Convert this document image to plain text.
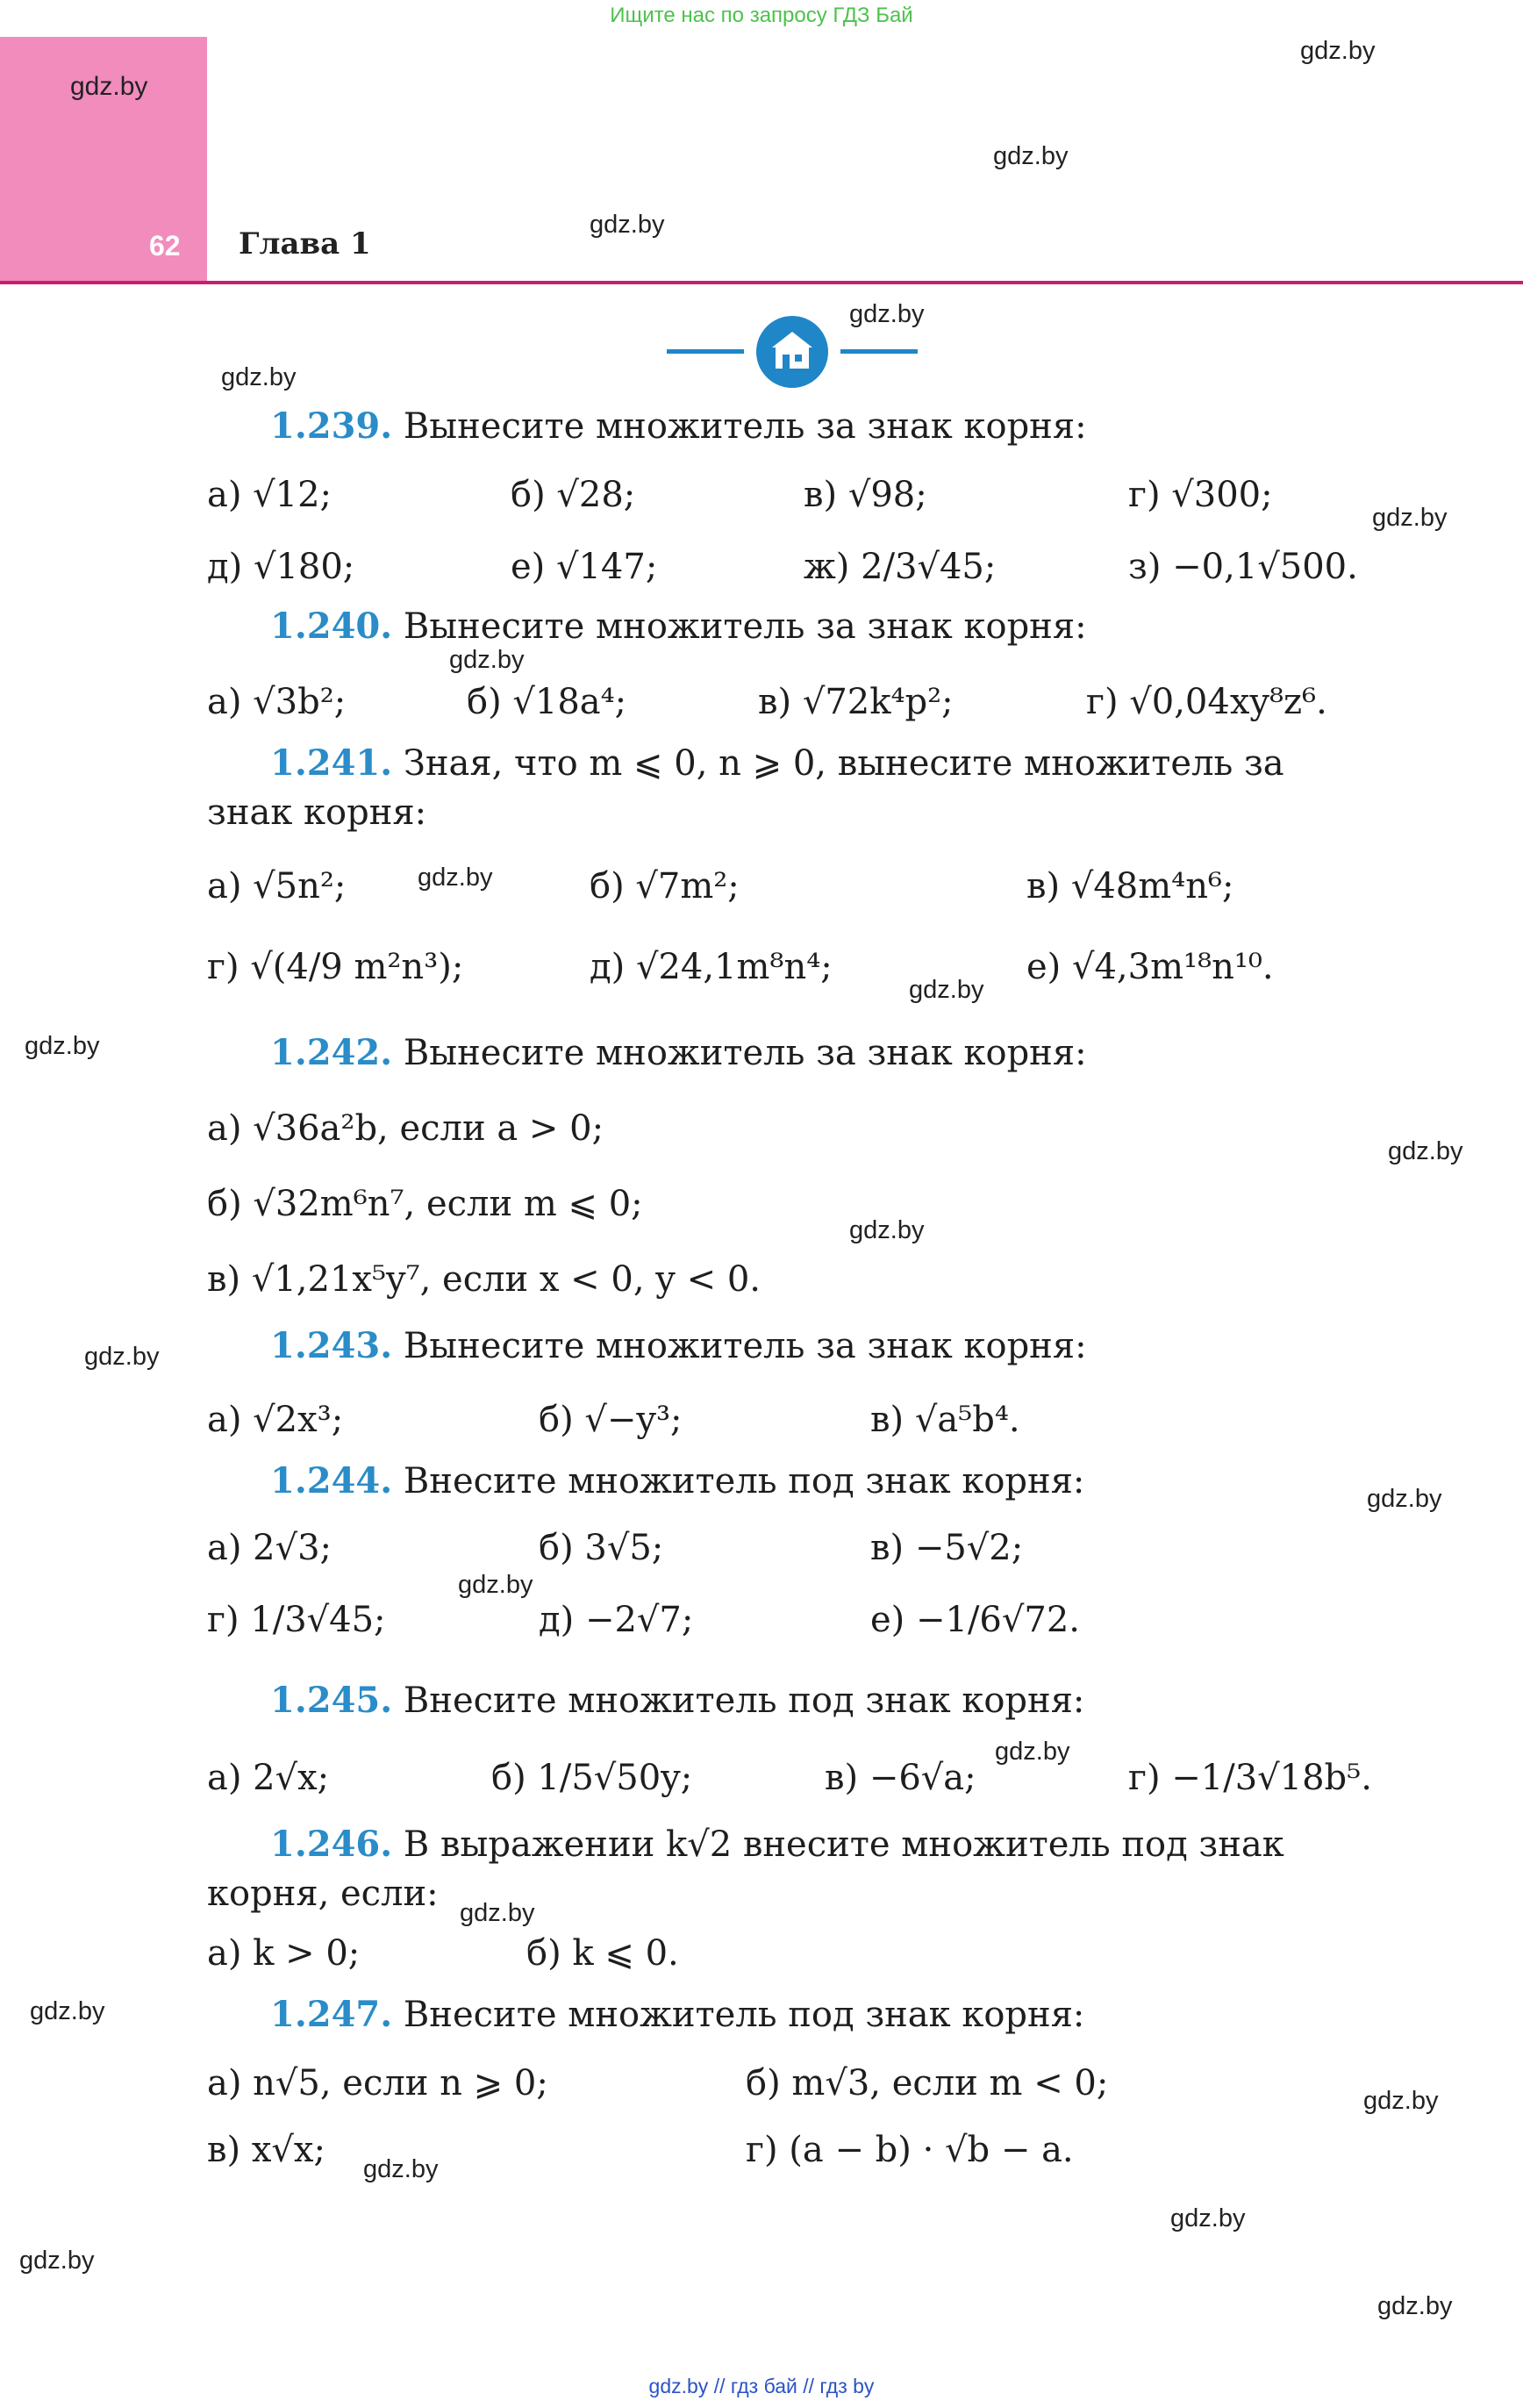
Ищите нас по запросу ГДЗ Бай
gdz.by
62 Глава 1
gdz.by
gdz.by
gdz.by
gdz.by
gdz.by
gdz.by
gdz.by
gdz.by
gdz.by
gdz.by
gdz.by
gdz.by
gdz.by
gdz.by
gdz.by
gdz.by
gdz.by
gdz.by
gdz.by
gdz.by
gdz.by
gdz.by
gdz.by
1.239. Вынесите множитель за знак корня:
а) √12;	б) √28;	в) √98;	г) √300;
д) √180;	е) √147;	ж) 2/3√45;	з) −0,1√500.
1.240. Вынесите множитель за знак корня:
а) √3b²;	б) √18a⁴;	в) √72k⁴p²;	г) √0,04xy⁸z⁶.
1.241. Зная, что m ⩽ 0, n ⩾ 0, вынесите множитель за
знак корня:
а) √5n²;	б) √7m²;	в) √48m⁴n⁶;
г) √(4/9 m²n³);	д) √24,1m⁸n⁴;	е) √4,3m¹⁸n¹⁰.
1.242. Вынесите множитель за знак корня:
а) √36a²b, если a > 0;
б) √32m⁶n⁷, если m ⩽ 0;
в) √1,21x⁵y⁷, если x < 0, y < 0.
1.243. Вынесите множитель за знак корня:
а) √2x³;	б) √−y³;	в) √a⁵b⁴.
1.244. Внесите множитель под знак корня:
а) 2√3;	б) 3√5;	в) −5√2;
г) 1/3√45;	д) −2√7;	е) −1/6√72.
1.245. Внесите множитель под знак корня:
а) 2√x;	б) 1/5√50y;	в) −6√a;	г) −1/3√18b⁵.
1.246. В выражении k√2 внесите множитель под знак
корня, если:
а) k > 0;	б) k ⩽ 0.
1.247. Внесите множитель под знак корня:
а) n√5, если n ⩾ 0;	б) m√3, если m < 0;
в) x√x;	г) (a − b) · √b − a.
gdz.by // гдз бай // гдз by
